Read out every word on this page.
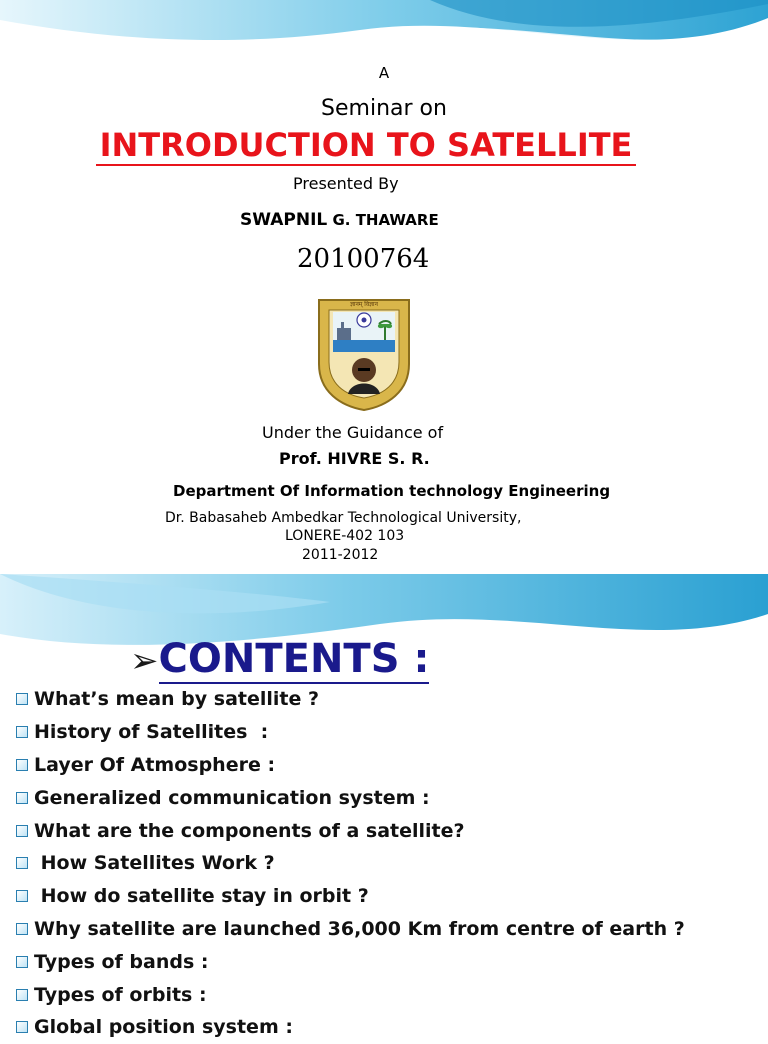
A
Seminar on
INTRODUCTION TO SATELLITE
Presented By
SWAPNIL G. THAWARE
20100764
ज्ञानम् विज्ञान
Under the Guidance of
Prof. HIVRE S. R.
Department Of Information technology Engineering
Dr. Babasaheb Ambedkar Technological University,
LONERE-402 103
2011-2012
➢CONTENTS :
What’s mean by satellite ?
History of Satellites  :
Layer Of Atmosphere :
Generalized communication system :
What are the components of a satellite?
How Satellites Work ?
How do satellite stay in orbit ?
Why satellite are launched 36,000 Km from centre of earth ?
Types of bands :
Types of orbits :
Global position system :
